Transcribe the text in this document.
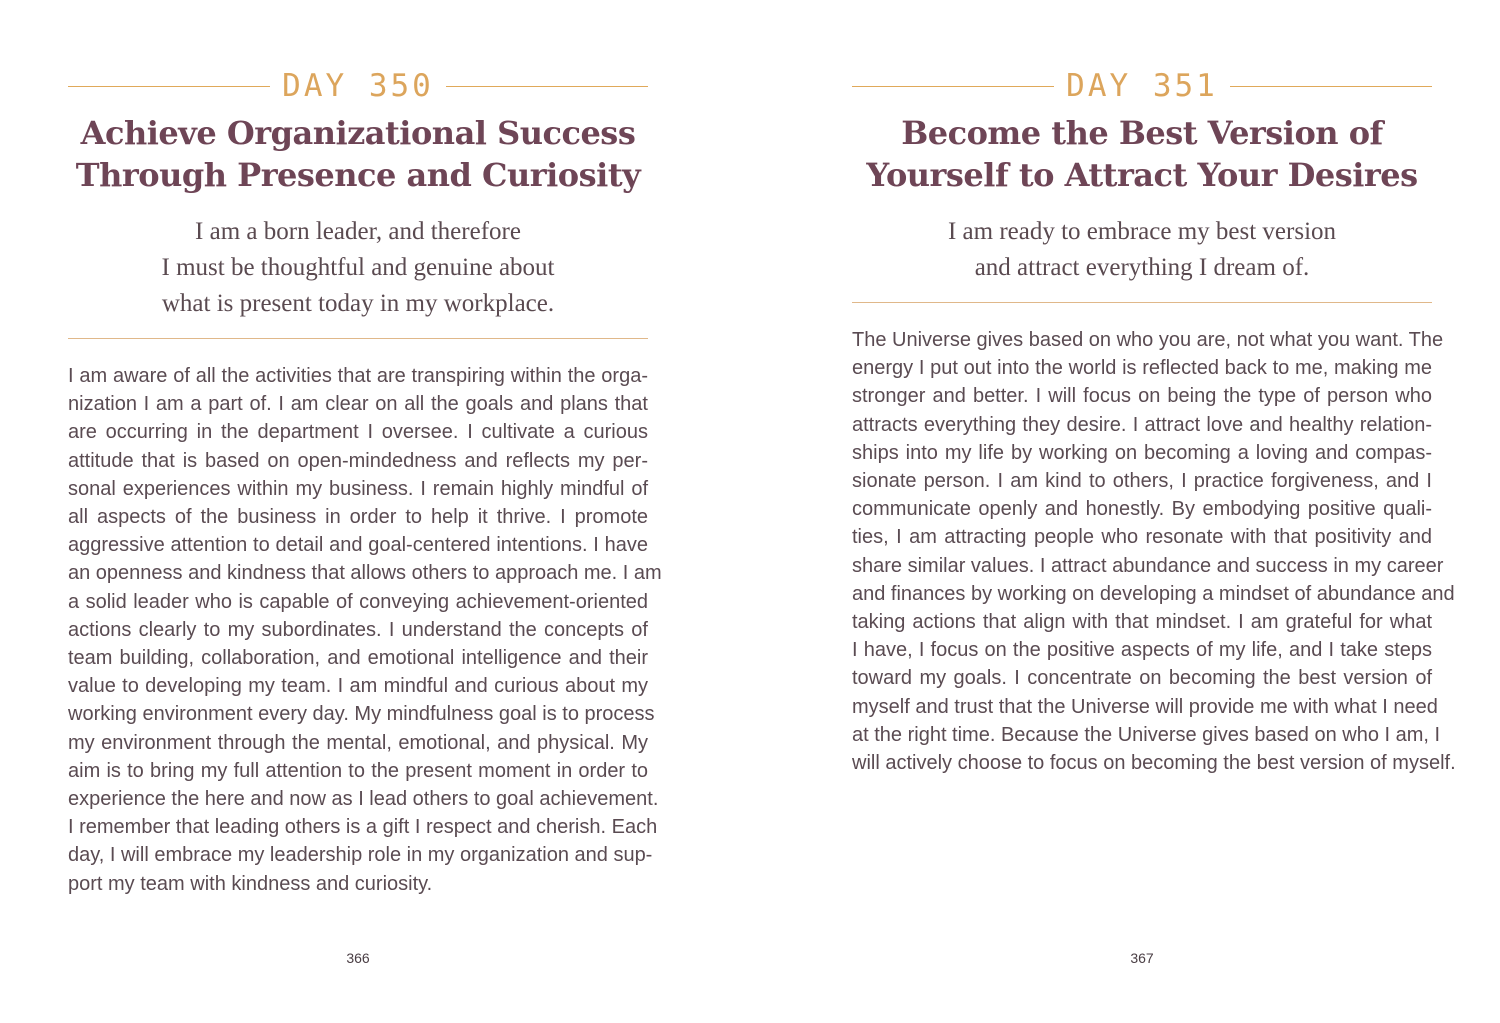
DAY 350
Achieve Organizational Success
Through Presence and Curiosity

I am a born leader, and therefore
I must be thoughtful and genuine about
what is present today in my workplace.

I am aware of all the activities that are transpiring within the orga-
nization I am a part of. I am clear on all the goals and plans that
are occurring in the department I oversee. I cultivate a curious
attitude that is based on open-mindedness and reflects my per-
sonal experiences within my business. I remain highly mindful of
all aspects of the business in order to help it thrive. I promote
aggressive attention to detail and goal-centered intentions. I have
an openness and kindness that allows others to approach me. I am
a solid leader who is capable of conveying achievement-oriented
actions clearly to my subordinates. I understand the concepts of
team building, collaboration, and emotional intelligence and their
value to developing my team. I am mindful and curious about my
working environment every day. My mindfulness goal is to process
my environment through the mental, emotional, and physical. My
aim is to bring my full attention to the present moment in order to
experience the here and now as I lead others to goal achievement.
I remember that leading others is a gift I respect and cherish. Each
day, I will embrace my leadership role in my organization and sup-
port my team with kindness and curiosity.
366
DAY 351
Become the Best Version of
Yourself to Attract Your Desires

I am ready to embrace my best version
and attract everything I dream of.

The Universe gives based on who you are, not what you want. The
energy I put out into the world is reflected back to me, making me
stronger and better. I will focus on being the type of person who
attracts everything they desire. I attract love and healthy relation-
ships into my life by working on becoming a loving and compas-
sionate person. I am kind to others, I practice forgiveness, and I
communicate openly and honestly. By embodying positive quali-
ties, I am attracting people who resonate with that positivity and
share similar values. I attract abundance and success in my career
and finances by working on developing a mindset of abundance and
taking actions that align with that mindset. I am grateful for what
I have, I focus on the positive aspects of my life, and I take steps
toward my goals. I concentrate on becoming the best version of
myself and trust that the Universe will provide me with what I need
at the right time. Because the Universe gives based on who I am, I
will actively choose to focus on becoming the best version of myself.
367
